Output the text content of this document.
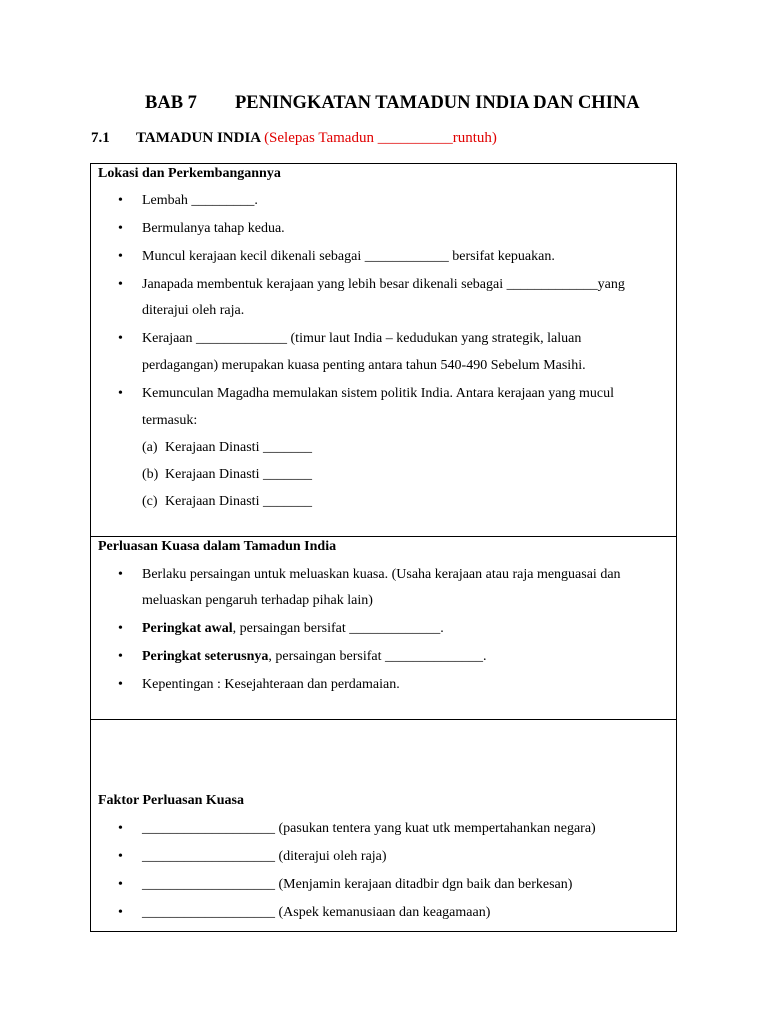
BAB 7 PENINGKATAN TAMADUN INDIA DAN CHINA
7.1 TAMADUN INDIA (Selepas Tamadun __________runtuh)
Lokasi dan Perkembangannya
•
Lembah _________.
•
Bermulanya tahap kedua.
•
Muncul kerajaan kecil dikenali sebagai ____________ bersifat kepuakan.
•
Janapada membentuk kerajaan yang lebih besar dikenali sebagai _____________yang
diterajui oleh raja.
•
Kerajaan _____________ (timur laut India – kedudukan yang strategik, laluan
perdagangan) merupakan kuasa penting antara tahun 540-490 Sebelum Masihi.
•
Kemunculan Magadha memulakan sistem politik India. Antara kerajaan yang mucul
termasuk:
(a) Kerajaan Dinasti _______
(b) Kerajaan Dinasti _______
(c) Kerajaan Dinasti _______
Perluasan Kuasa dalam Tamadun India
•
Berlaku persaingan untuk meluaskan kuasa. (Usaha kerajaan atau raja menguasai dan
meluaskan pengaruh terhadap pihak lain)
•
Peringkat awal, persaingan bersifat _____________.
•
Peringkat seterusnya, persaingan bersifat ______________.
•
Kepentingan : Kesejahteraan dan perdamaian.
Faktor Perluasan Kuasa
•
___________________ (pasukan tentera yang kuat utk mempertahankan negara)
•
___________________ (diterajui oleh raja)
•
___________________ (Menjamin kerajaan ditadbir dgn baik dan berkesan)
•
___________________ (Aspek kemanusiaan dan keagamaan)
